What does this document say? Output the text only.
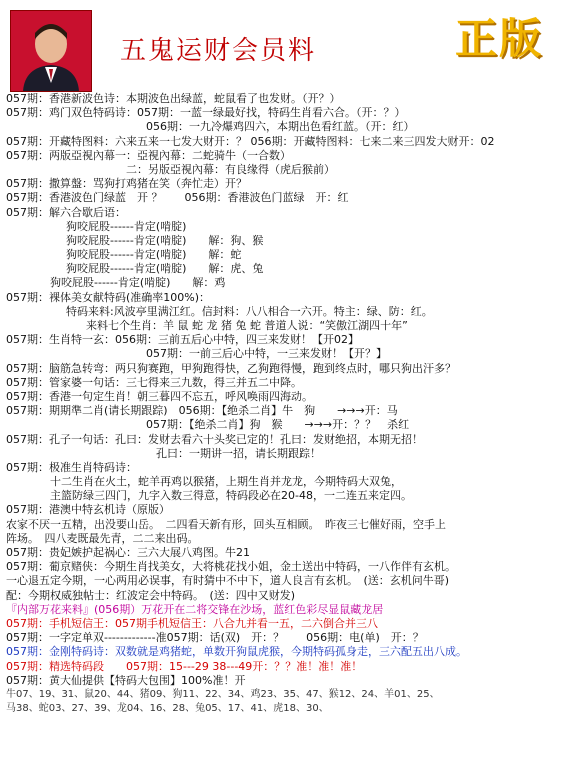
五鬼运财会员料	正版
057期：香港新波色诗：本期波色出绿蓝，蛇鼠看了也发财。（开？）
057期：鸡门双色特码诗：057期：一蓝一绿最好找，特码生肖看六合。（开：？）
056期：一九冷爆鸡四六，本期出色看红蓝。（开：红）
057期：开藏特图料：六来五来一七发大财开：？ 056期：开藏特图料：七来二来三四发大财开：02
057期：两版亞視內幕一：亞視內幕：二蛇骑牛（一合数）
二：另版亞視內幕：有良缘得（虎后猴前）
057期：撒算盤：骂狗打鸡猪在笑（奔忙走）开？
057期：香港波色门绿蓝　开 ？　　056期：香港波色门蓝绿　开：红
057期：解六合歇后语：
狗咬屁股------肯定(啃腚)
狗咬屁股------肯定(啃腚)　　解：狗、猴
狗咬屁股------肯定(啃腚)　　解：蛇
狗咬屁股------肯定(啃腚)　　解：虎、兔
狗咬屁股------肯定(啃腚)　　解：鸡
057期：裸体美女献特码(准确率100%)：
特码来料:风波亭里满江红。信封料：八八相合一六开。特主：绿、防：红。
来料七个生肖：羊 鼠 蛇 龙 猪 兔 蛇 普道人说：“笑傲江湖四十年”
057期：生肖特一玄：056期：三前五后心中特，四三来发财！【开02】
057期：一前三后心中特，一三来发财！【开？】
057期：脑筋急转弯：两只狗赛跑，甲狗跑得快，乙狗跑得慢，跑到终点时，哪只狗出汗多？
057期：管家婆一句话：三七得来三九数，得三并五二中降。
057期：香港一句定生肖！朝三暮四不忘五，呼风唤雨四海动。
057期：期期準二肖(请长期跟踪)　056期：【绝杀二肖】牛　狗　　→→→开：马
057期：【绝杀二肖】狗　猴　　→→→开：？？　杀红
057期：孔子一句话：孔曰：发财去看六十头奖已定的！孔曰：发财绝招，本期无招！
孔曰：一期讲一招，请长期跟踪！
057期：极准生肖特码诗：
十二生肖在火土，蛇羊再鸡以猴猪，上期生肖并龙龙，今期特码大双兔，
主篮防绿三四门，九字入数三得意，特码段必在20-48，一二连五来定四。
057期：港澳中特玄机诗（原版）
农家不厌一五精，出没要山岳。　二四看天新有形，回头互相顾。　昨夜三七催好雨，空手上
阵场。　四八麦既最先青，二二来出码。
057期：贵妃嫉护起祸心：三六大展八鸡图。牛21
057期：葡京赌侠：今期生肖找美女，大将桃花找小姐，金土送出中特码，一八作伴有玄机。
一心退五定今期，一心两用必误事，有时猜中不中下，道人良言有玄机。　(送：玄机问牛哥)
配：今期权威独帖士：红波定会中特码。　(送：四中又财发)
『内部万花来料』(056期）万花开在二将交锋在沙场，蓝红色彩尽显鼠藏龙居
057期：手机短信王：057期手机短信王：八合九并看一五，二六倒合并三八
057期：一字定单双-------------准057期：话(双)　开：？　　056期：电(单)　开：？
057期：金刚特码诗：双数就是鸡猪蛇，单数开狗鼠虎猴，今期特码孤身走，三六配五出八成。
057期：精选特码段　　057期：15---29 38---49开：？？准！准！准！
057期：黄大仙提供【特码大包围】100%准！开
牛07、19、31、鼠20、44、猪09、狗11、22、34、鸡23、35、47、猴12、24、羊01、25、
马38、蛇03、27、39、龙04、16、28、兔05、17、41、虎18、30、
